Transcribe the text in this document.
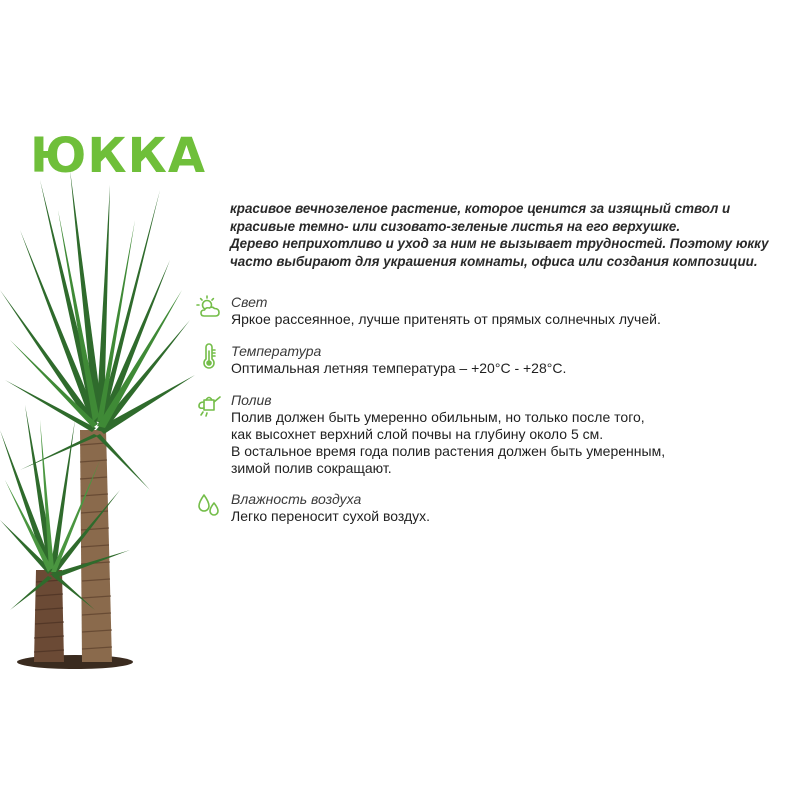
ЮККА

красивое вечнозеленое растение, которое ценится за изящный ствол и

красивые темно- или сизовато-зеленые листья на его верхушке.

Дерево неприхотливо и уход за ним не вызывает трудностей. Поэтому юкку

часто выбирают для украшения комнаты, офиса или создания композиции.

Свет
Яркое рассеянное, лучше притенять от прямых солнечных лучей.
Температура
Оптимальная летняя температура – +20°С - +28°С.
Полив
Полив должен быть умеренно обильным, но только после того,
как высохнет верхний слой почвы на глубину около 5 см.
В остальное время года полив растения должен быть умеренным,
зимой полив сокращают.
Влажность воздуха
Легко переносит сухой воздух.
